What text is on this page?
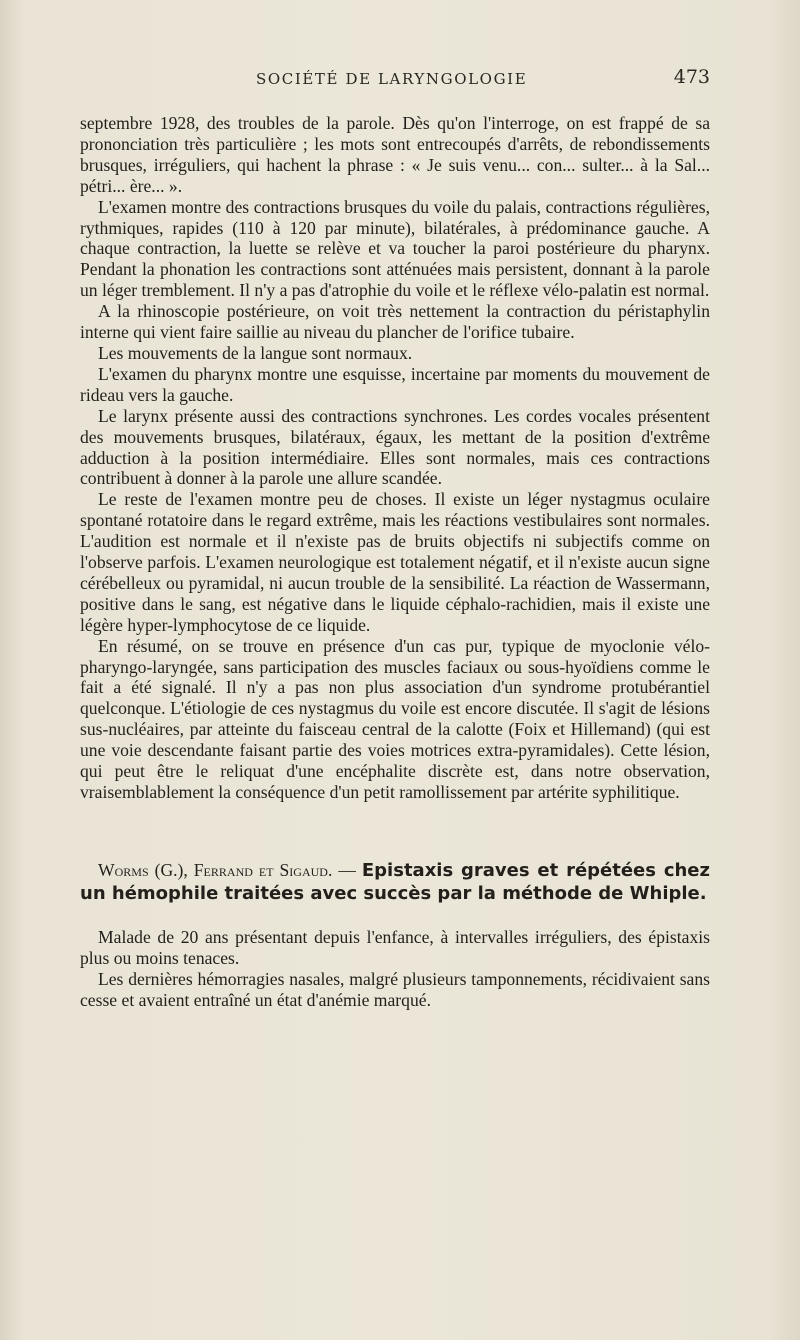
SOCIÉTÉ DE LARYNGOLOGIE	473

septembre 1928, des troubles de la parole. Dès qu'on l'interroge, on est frappé de sa prononciation très particulière ; les mots sont entrecoupés d'arrêts, de rebondissements brusques, irréguliers, qui hachent la phrase : « Je suis venu... con... sulter... à la Sal... pétri... ère... ».

L'examen montre des contractions brusques du voile du palais, contractions régulières, rythmiques, rapides (110 à 120 par minute), bilatérales, à prédominance gauche. A chaque contraction, la luette se relève et va toucher la paroi postérieure du pharynx. Pendant la phonation les contractions sont atténuées mais persistent, donnant à la parole un léger tremblement. Il n'y a pas d'atrophie du voile et le réflexe vélo-palatin est normal.

A la rhinoscopie postérieure, on voit très nettement la contraction du péristaphylin interne qui vient faire saillie au niveau du plancher de l'orifice tubaire.

Les mouvements de la langue sont normaux.

L'examen du pharynx montre une esquisse, incertaine par moments du mouvement de rideau vers la gauche.

Le larynx présente aussi des contractions synchrones. Les cordes vocales présentent des mouvements brusques, bilatéraux, égaux, les mettant de la position d'extrême adduction à la position intermédiaire. Elles sont normales, mais ces contractions contribuent à donner à la parole une allure scandée.

Le reste de l'examen montre peu de choses. Il existe un léger nystagmus oculaire spontané rotatoire dans le regard extrême, mais les réactions vestibulaires sont normales. L'audition est normale et il n'existe pas de bruits objectifs ni subjectifs comme on l'observe parfois. L'examen neurologique est totalement négatif, et il n'existe aucun signe cérébelleux ou pyramidal, ni aucun trouble de la sensibilité. La réaction de Wassermann, positive dans le sang, est négative dans le liquide céphalo-rachidien, mais il existe une légère hyper-lymphocytose de ce liquide.

En résumé, on se trouve en présence d'un cas pur, typique de myoclonie vélo-pharyngo-laryngée, sans participation des muscles faciaux ou sous-hyoïdiens comme le fait a été signalé. Il n'y a pas non plus association d'un syndrome protubérantiel quelconque. L'étiologie de ces nystagmus du voile est encore discutée. Il s'agit de lésions sus-nucléaires, par atteinte du faisceau central de la calotte (Foix et Hillemand) (qui est une voie descendante faisant partie des voies motrices extra-pyramidales). Cette lésion, qui peut être le reliquat d'une encéphalite discrète est, dans notre observation, vraisemblablement la conséquence d'un petit ramollissement par artérite syphilitique.

Worms (G.), Ferrand et Sigaud. — Epistaxis graves et répétées chez un hémophile traitées avec succès par la méthode de Whiple.

Malade de 20 ans présentant depuis l'enfance, à intervalles irréguliers, des épistaxis plus ou moins tenaces.

Les dernières hémorragies nasales, malgré plusieurs tamponnements, récidivaient sans cesse et avaient entraîné un état d'anémie marqué.
